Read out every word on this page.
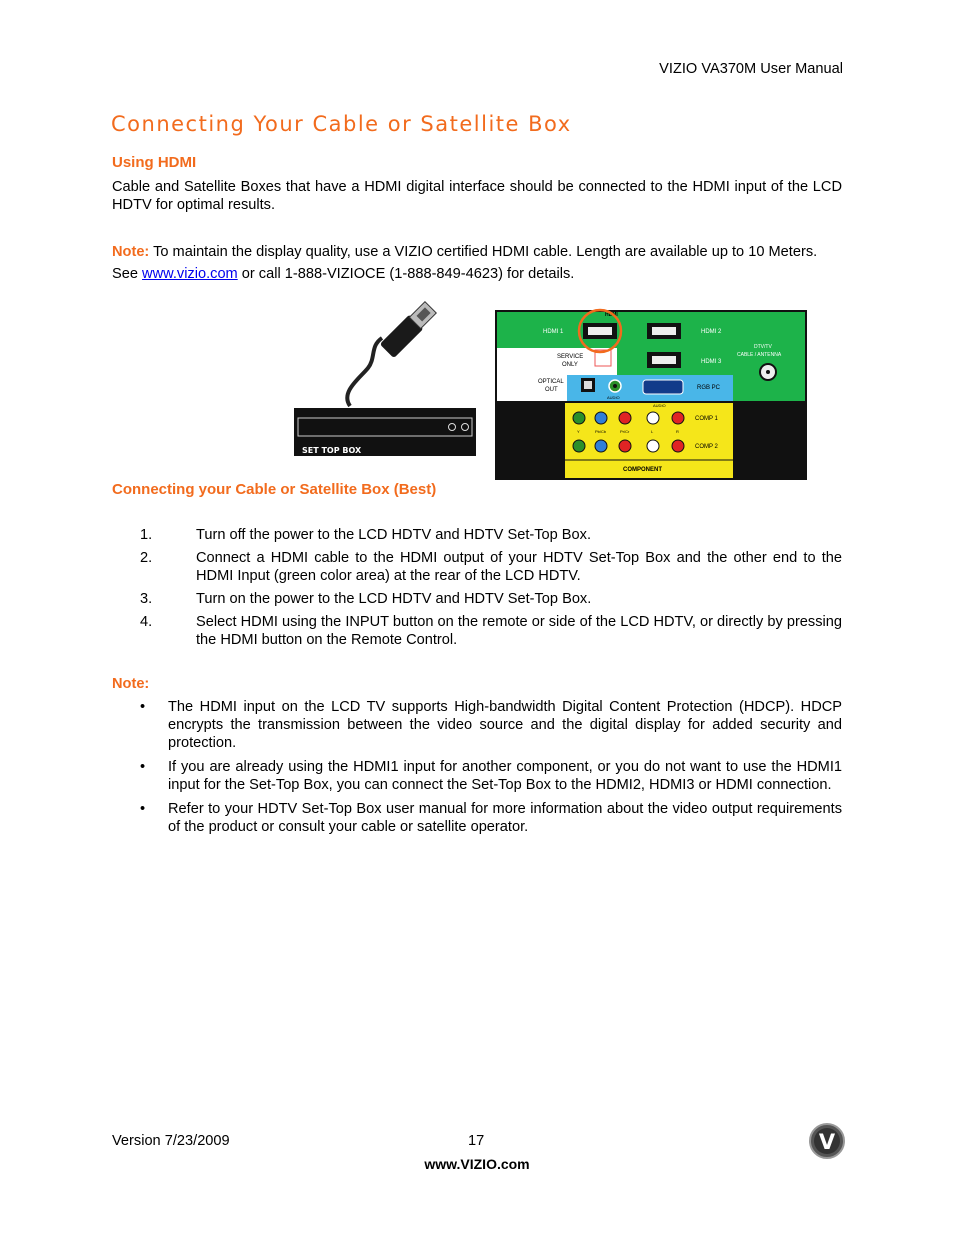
VIZIO VA370M User Manual
Connecting Your Cable or Satellite Box
Using HDMI
Cable and Satellite Boxes that have a HDMI digital interface should be connected to the HDMI input of the LCD HDTV for optimal results.
Note: To maintain the display quality, use a VIZIO certified HDMI cable. Length are available up to 10 Meters. See www.vizio.com or call 1-888-VIZIOCE (1-888-849-4623) for details.
SET TOP BOX
HDMI
HDMI 1	HDMI 2
HDMI 3
SERVICE
ONLY
OPTICAL
OUT
AUDIO
RGB PC
DTV/TV
CABLE / ANTENNA
AUDIO
COMP 1
Y	Pb/Cb	Pr/Cr	L	R
COMP 2
COMPONENT
Connecting your Cable or Satellite Box (Best)
1.	Turn off the power to the LCD HDTV and HDTV Set-Top Box.
2.	Connect a HDMI cable to the HDMI output of your HDTV Set-Top Box and the other end to the HDMI Input (green color area) at the rear of the LCD HDTV.
3.	Turn on the power to the LCD HDTV and HDTV Set-Top Box.
4.	Select HDMI using the INPUT button on the remote or side of the LCD HDTV, or directly by pressing the HDMI button on the Remote Control.
Note:
• The HDMI input on the LCD TV supports High-bandwidth Digital Content Protection (HDCP). HDCP encrypts the transmission between the video source and the digital display for added security and protection.
• If you are already using the HDMI1 input for another component, or you do not want to use the HDMI1 input for the Set-Top Box, you can connect the Set-Top Box to the HDMI2, HDMI3 or HDMI connection.
• Refer to your HDTV Set-Top Box user manual for more information about the video output requirements of the product or consult your cable or satellite operator.
Version 7/23/2009	17
www.VIZIO.com
V
